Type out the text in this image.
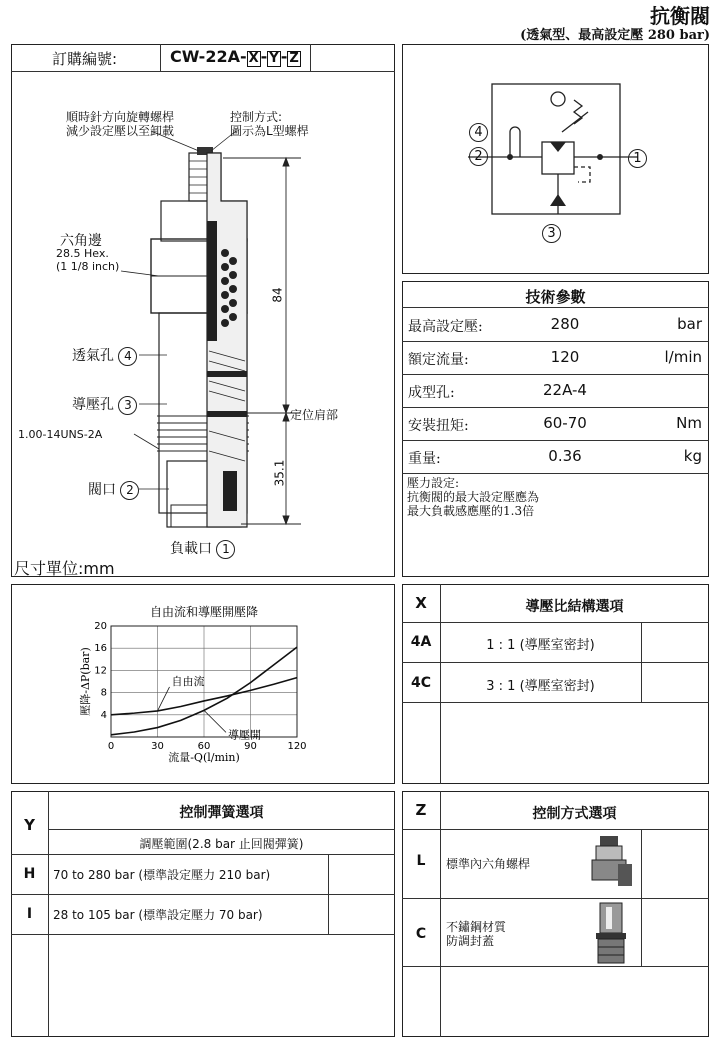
抗衡閥
(透氣型、最高設定壓 280 bar)
訂購編號:	CW-22A- X - Y - Z
順時針方向旋轉螺桿
減少設定壓以至卸載
控制方式:
圖示為L型螺桿
六角邊
28.5 Hex.
(1 1/8 inch)
透氣孔 4
導壓孔 3
1.00-14UNS-2A
閥口 2
定位肩部
84
35.1
負載口 1
尺寸單位:mm
4
2	1
3
技術參數
最高設定壓:	280	bar
額定流量:	120	l/min
成型孔:	22A-4
安裝扭矩:	60-70	Nm
重量:	0.36	kg
壓力設定:
抗衡閥的最大設定壓應為
最大負載感應壓的1.3倍
0	30	60	90	120
4
8
12
16
20
自由流和導壓開壓降
流量-Q(l/min)
壓降-ΔP(bar)	自由流
導壓開
X	導壓比結構選項
4A	1 : 1 (導壓室密封)
4C	3 : 1 (導壓室密封)
Y
控制彈簧選項
調壓範圍(2.8 bar 止回閥彈簧)
H	70 to 280 bar (標準設定壓力 210 bar)
I	28 to 105 bar (標準設定壓力 70 bar)
Z	控制方式選項
L	標準內六角螺桿
C	不鏽鋼材質
防調封蓋
